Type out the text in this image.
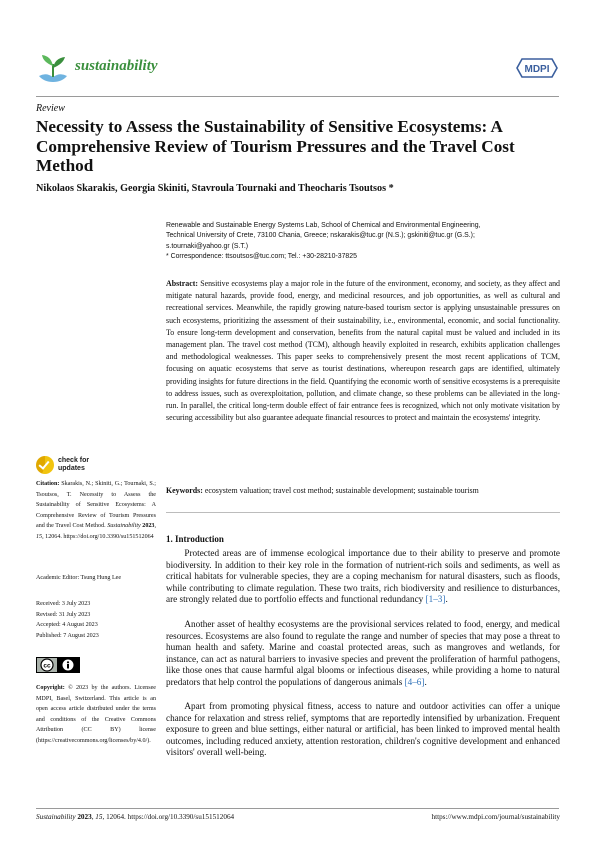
sustainability	MDPI
Review
Necessity to Assess the Sustainability of Sensitive Ecosystems: A Comprehensive Review of Tourism Pressures and the Travel Cost Method
Nikolaos Skarakis, Georgia Skiniti, Stavroula Tournaki and Theocharis Tsoutsos *
Renewable and Sustainable Energy Systems Lab, School of Chemical and Environmental Engineering,
Technical University of Crete, 73100 Chania, Greece; nskarakis@tuc.gr (N.S.); gskiniti@tuc.gr (G.S.);
s.tournaki@yahoo.gr (S.T.)
* Correspondence: ttsoutsos@tuc.com; Tel.: +30-28210-37825
Abstract: Sensitive ecosystems play a major role in the future of the environment, economy, and society, as they affect and mitigate natural hazards, provide food, energy, and medicinal resources, and job opportunities, as well as cultural and recreational services. Meanwhile, the rapidly growing nature-based tourism sector is applying unsustainable pressures on such ecosystems, prioritizing the assessment of their sustainability, i.e., environmental, economic, and social functionality. To ensure long-term development and conservation, benefits from the natural capital must be valued and included in its management plan. The travel cost method (TCM), although heavily exploited in research, exhibits application challenges and methodological weaknesses. This paper seeks to comprehensively present the most recent applications of TCM, focusing on aquatic ecosystems that serve as tourist destinations, whereupon research gaps are identified, ultimately providing insights for future directions in the field. Quantifying the economic worth of sensitive ecosystems is a prerequisite to address issues, such as overexploitation, pollution, and climate change, so these problems can be alleviated in the long-run. In parallel, the critical long-term double effect of fair entrance fees is recognized, which not only motivate visitation by securing accessibility but also guarantee adequate financial resources to protect and maintain the ecosystems' integrity.
Keywords: ecosystem valuation; travel cost method; sustainable development; sustainable tourism
check for
updates
Citation: Skarakis, N.; Skiniti, G.; Tournaki, S.; Tsoutsos, T. Necessity to Assess the Sustainability of Sensitive Ecosystems: A Comprehensive Review of Tourism Pressures and the Travel Cost Method. Sustainability 2023, 15, 12064. https://doi.org/10.3390/su151512064
Academic Editor: Tsung Hung Lee
Received: 3 July 2023
Revised: 31 July 2023
Accepted: 4 August 2023
Published: 7 August 2023
cc
Copyright: © 2023 by the authors. Licensee MDPI, Basel, Switzerland. This article is an open access article distributed under the terms and conditions of the Creative Commons Attribution (CC BY) license (https://creativecommons.org/licenses/by/4.0/).
1. Introduction
  Protected areas are of immense ecological importance due to their ability to preserve and promote biodiversity. In addition to their key role in the formation of nutrient-rich soils and sediments, as well as critical habitats for vulnerable species, they are a coping mechanism for natural disasters, such as floods, while contributing to climate regulation. These two traits, rich biodiversity and resilience to disturbances, are strongly related due to portfolio effects and functional redundancy [1–3].
  Another asset of healthy ecosystems are the provisional services related to food, energy, and medical resources. Ecosystems are also found to regulate the range and number of species that may pose a threat to human health and safety. Marine and coastal protected areas, such as mangroves and wetlands, for instance, can act as natural barriers to invasive species and prevent the proliferation of harmful pathogens, like those ones that cause harmful algal blooms or infectious diseases, while providing a home to natural predators that help control the populations of dangerous animals [4–6].
  Apart from promoting physical fitness, access to nature and outdoor activities can offer a unique chance for relaxation and stress relief, symptoms that are reportedly intensified by urbanization. Frequent exposure to green and blue settings, either natural or artificial, has been linked to improved mental health outcomes, including reduced anxiety, attention restoration, children's cognitive development and enhanced visitors' overall well-being.
Sustainability 2023, 15, 12064. https://doi.org/10.3390/su151512064	https://www.mdpi.com/journal/sustainability
